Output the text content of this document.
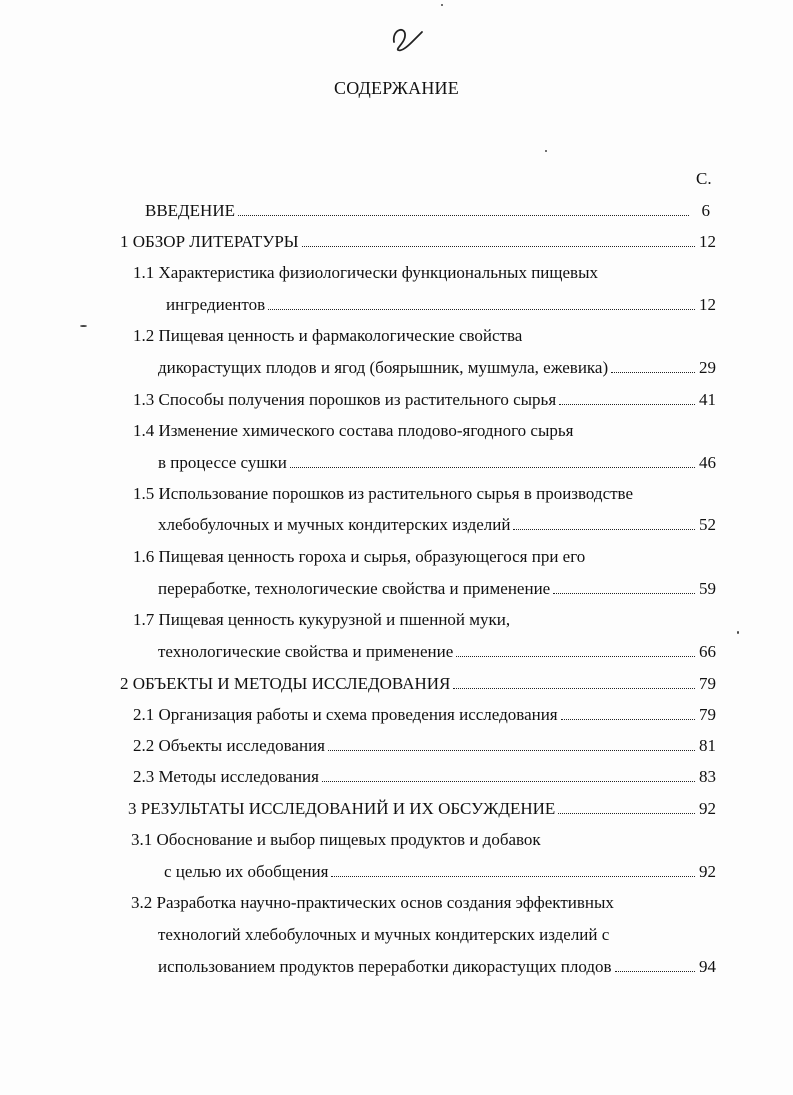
СОДЕРЖАНИЕ
С.
ВВЕДЕНИЕ	6
1 ОБЗОР ЛИТЕРАТУРЫ	12
1.1 Характеристика физиологически функциональных пищевых
ингредиентов	12
1.2 Пищевая ценность и фармакологические свойства
дикорастущих плодов и ягод (боярышник, мушмула, ежевика)	29
1.3 Способы получения порошков из растительного сырья	41
1.4 Изменение химического состава плодово-ягодного сырья
в процессе сушки	46
1.5 Использование порошков из растительного сырья в производстве
хлебобулочных и мучных кондитерских изделий	52
1.6 Пищевая ценность гороха и сырья, образующегося при его
переработке, технологические свойства и применение	59
1.7 Пищевая ценность кукурузной и пшенной муки,
технологические свойства и применение	66
2 ОБЪЕКТЫ И МЕТОДЫ ИССЛЕДОВАНИЯ	79
2.1 Организация работы и схема проведения исследования	79
2.2 Объекты исследования	81
2.3 Методы исследования	83
3 РЕЗУЛЬТАТЫ ИССЛЕДОВАНИЙ И ИХ ОБСУЖДЕНИЕ	92
3.1 Обоснование и выбор пищевых продуктов и добавок
с целью их обобщения	92
3.2 Разработка научно-практических основ создания эффективных
технологий хлебобулочных и мучных кондитерских изделий с
использованием продуктов переработки дикорастущих плодов	94
